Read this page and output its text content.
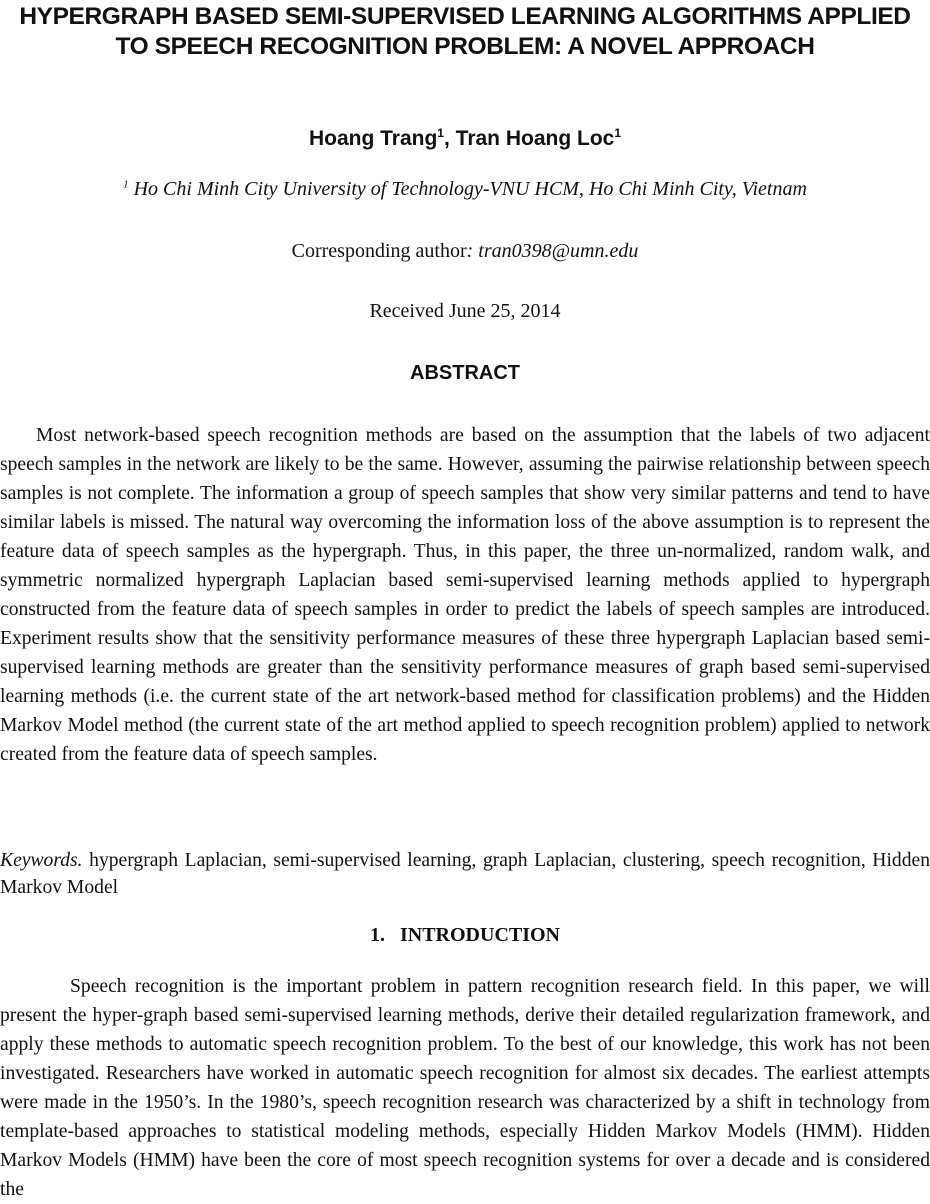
HYPERGRAPH BASED SEMI-SUPERVISED LEARNING ALGORITHMS APPLIED TO SPEECH RECOGNITION PROBLEM: A NOVEL APPROACH
Hoang Trang$^1$, Tran Hoang Loc$^1$
$^1$ Ho Chi Minh City University of Technology-VNU HCM, Ho Chi Minh City, Vietnam
Corresponding author: tran0398@umn.edu
Received June 25, 2014
ABSTRACT
Most network-based speech recognition methods are based on the assumption that the labels of two adjacent speech samples in the network are likely to be the same. However, assuming the pairwise relationship between speech samples is not complete. The information a group of speech samples that show very similar patterns and tend to have similar labels is missed. The natural way overcoming the information loss of the above assumption is to represent the feature data of speech samples as the hypergraph. Thus, in this paper, the three un-normalized, random walk, and symmetric normalized hypergraph Laplacian based semi-supervised learning methods applied to hypergraph constructed from the feature data of speech samples in order to predict the labels of speech samples are introduced. Experiment results show that the sensitivity performance measures of these three hypergraph Laplacian based semi-supervised learning methods are greater than the sensitivity performance measures of graph based semi-supervised learning methods (i.e. the current state of the art network-based method for classification problems) and the Hidden Markov Model method (the current state of the art method applied to speech recognition problem) applied to network created from the feature data of speech samples.
Keywords. hypergraph Laplacian, semi-supervised learning, graph Laplacian, clustering, speech recognition, Hidden Markov Model
1.   INTRODUCTION
Speech recognition is the important problem in pattern recognition research field. In this paper, we will present the hyper-graph based semi-supervised learning methods, derive their detailed regularization framework, and apply these methods to automatic speech recognition problem. To the best of our knowledge, this work has not been investigated. Researchers have worked in automatic speech recognition for almost six decades. The earliest attempts were made in the 1950’s. In the 1980’s, speech recognition research was characterized by a shift in technology from template-based approaches to statistical modeling methods, especially Hidden Markov Models (HMM). Hidden Markov Models (HMM) have been the core of most speech recognition systems for over a decade and is considered the
